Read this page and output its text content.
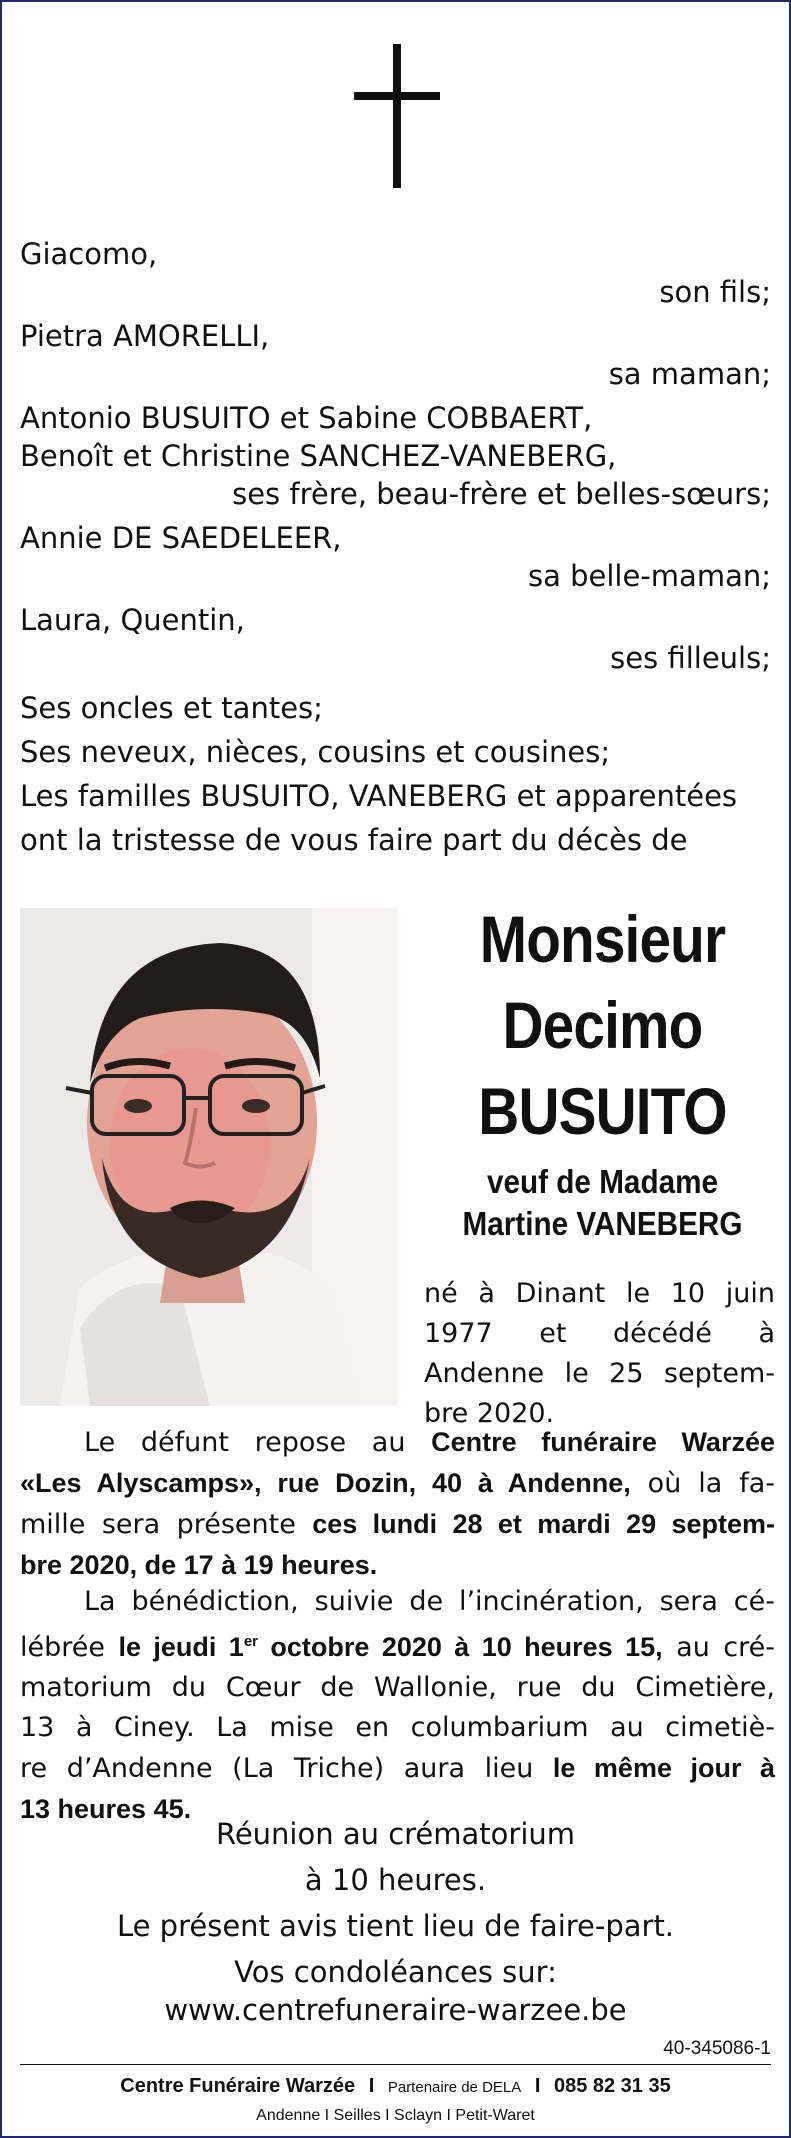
Giacomo,
son fils;
Pietra AMORELLI,
sa maman;
Antonio BUSUITO et Sabine COBBAERT,
Benoît et Christine SANCHEZ-VANEBERG,
ses frère, beau-frère et belles-sœurs;
Annie DE SAEDELEER,
sa belle-maman;
Laura, Quentin,
ses filleuls;
Ses oncles et tantes;
Ses neveux, nièces, cousins et cousines;
Les familles BUSUITO, VANEBERG et apparentées
ont la tristesse de vous faire part du décès de
Monsieur
Decimo
BUSUITO
veuf de Madame
Martine VANEBERG
né à Dinant le 10 juin
1977 et décédé à
Andenne le 25 septem-
bre 2020.
Le défunt repose au Centre funéraire Warzée
«Les Alyscamps», rue Dozin, 40 à Andenne, où la fa-
mille sera présente ces lundi 28 et mardi 29 septem-
bre 2020, de 17 à 19 heures.
La bénédiction, suivie de l’incinération, sera cé-
lébrée le jeudi 1er octobre 2020 à 10 heures 15, au cré-
matorium du Cœur de Wallonie, rue du Cimetière,
13 à Ciney. La mise en columbarium au cimetiè-
re d’Andenne (La Triche) aura lieu le même jour à
13 heures 45.
Réunion au crématorium
à 10 heures.
Le présent avis tient lieu de faire-part.
Vos condoléances sur:
www.centrefuneraire-warzee.be
40-345086-1
Centre Funéraire Warzée I Partenaire de DELA I 085 82 31 35
Andenne I Seilles I Sclayn I Petit-Waret
